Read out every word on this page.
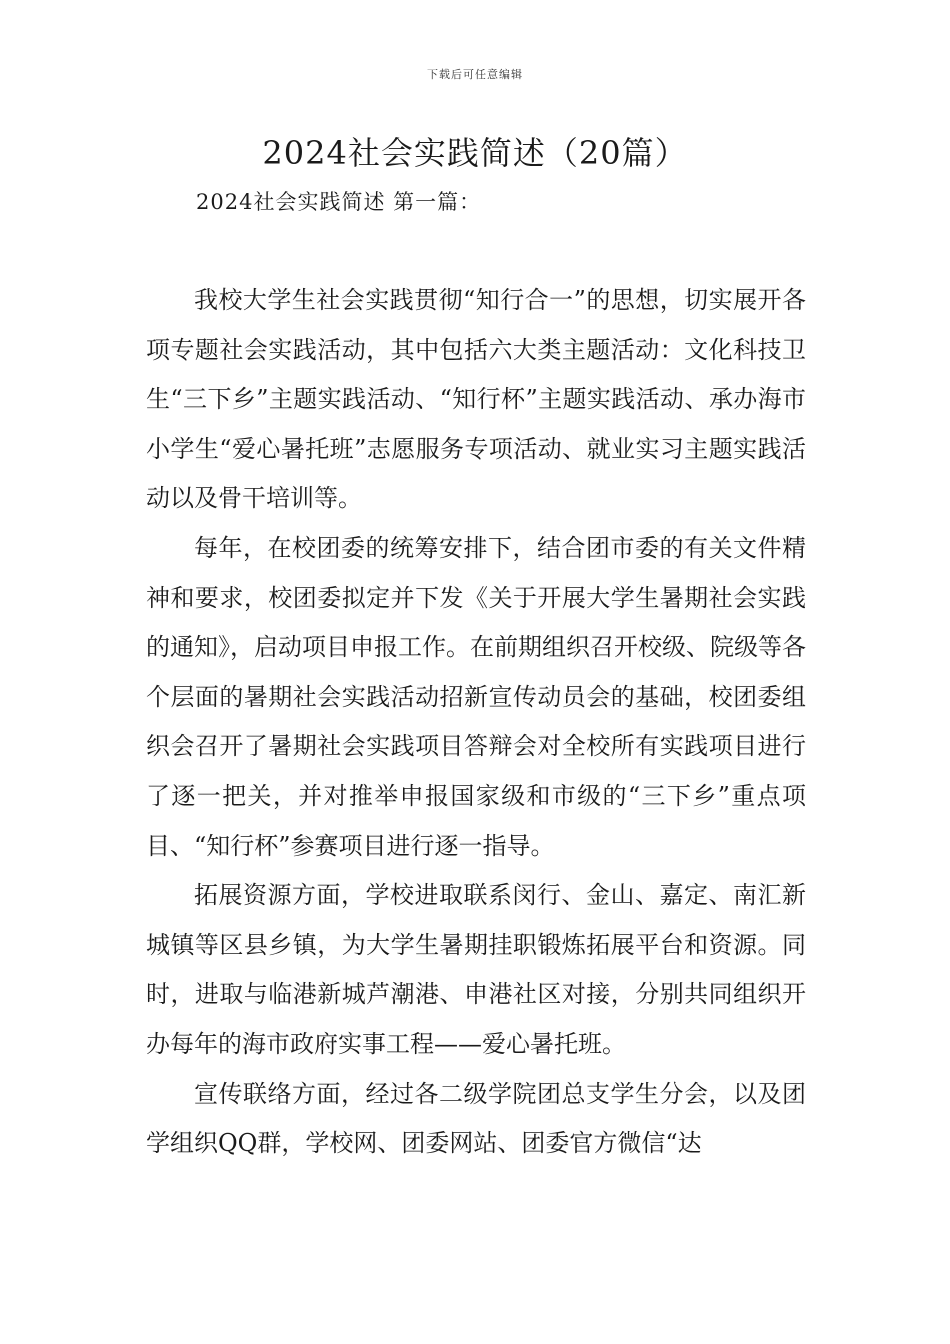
下载后可任意编辑
2024社会实践简述（20篇）
2024社会实践简述 第一篇：

我校大学生社会实践贯彻“知行合一”的思想，切实展开各项专题社会实践活动，其中包括六大类主题活动：文化科技卫生“三下乡”主题实践活动、“知行杯”主题实践活动、承办海市小学生“爱心暑托班”志愿服务专项活动、就业实习主题实践活动以及骨干培训等。

每年，在校团委的统筹安排下，结合团市委的有关文件精神和要求，校团委拟定并下发《关于开展大学生暑期社会实践的通知》，启动项目申报工作。在前期组织召开校级、院级等各个层面的暑期社会实践活动招新宣传动员会的基础，校团委组织会召开了暑期社会实践项目答辩会对全校所有实践项目进行了逐一把关，并对推举申报国家级和市级的“三下乡”重点项目、“知行杯”参赛项目进行逐一指导。

拓展资源方面，学校进取联系闵行、金山、嘉定、南汇新城镇等区县乡镇，为大学生暑期挂职锻炼拓展平台和资源。同时，进取与临港新城芦潮港、申港社区对接，分别共同组织开办每年的海市政府实事工程——爱心暑托班。

宣传联络方面，经过各二级学院团总支学生分会，以及团学组织QQ群，学校网、团委网站、团委官方微信“达
